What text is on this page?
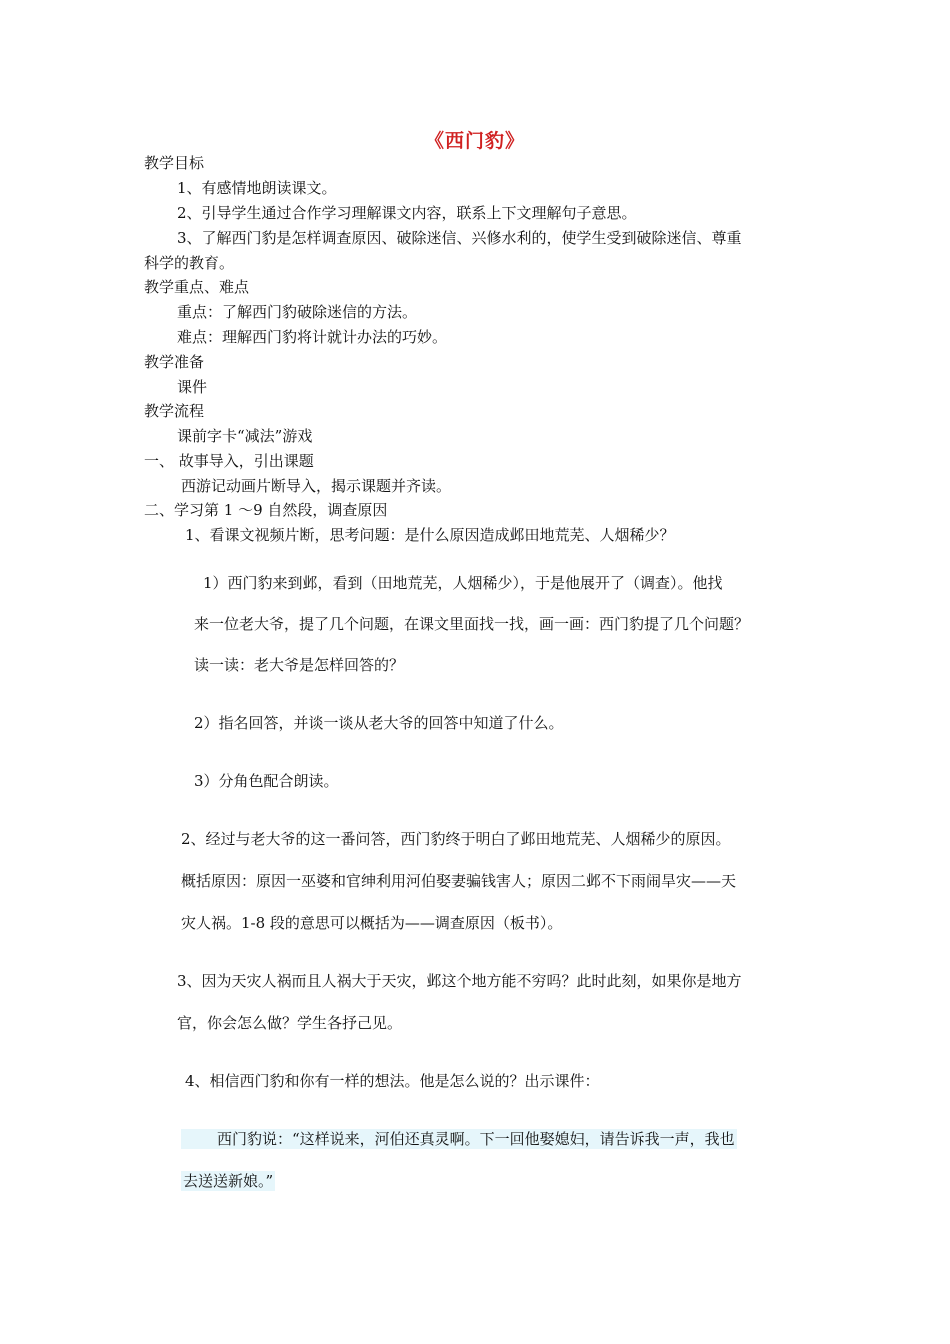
《西门豹》
教学目标
1、有感情地朗读课文。
2、引导学生通过合作学习理解课文内容，联系上下文理解句子意思。
3、了解西门豹是怎样调查原因、破除迷信、兴修水利的，使学生受到破除迷信、尊重
科学的教育。
教学重点、难点
重点：了解西门豹破除迷信的方法。
难点：理解西门豹将计就计办法的巧妙。
教学准备
课件
教学流程
课前字卡“减法”游戏
一、 故事导入，引出课题
西游记动画片断导入，揭示课题并齐读。
二、学习第 1 ～9 自然段，调查原因
1、看课文视频片断，思考问题：是什么原因造成邺田地荒芜、人烟稀少？
1）西门豹来到邺，看到（田地荒芜，人烟稀少），于是他展开了（调查）。他找
来一位老大爷，提了几个问题，在课文里面找一找，画一画：西门豹提了几个问题？
读一读：老大爷是怎样回答的？
2）指名回答，并谈一谈从老大爷的回答中知道了什么。
3）分角色配合朗读。
2、经过与老大爷的这一番问答，西门豹终于明白了邺田地荒芜、人烟稀少的原因。
概括原因：原因一巫婆和官绅利用河伯娶妻骗钱害人；原因二邺不下雨闹旱灾——天
灾人祸。1-8 段的意思可以概括为——调查原因（板书）。
3、因为天灾人祸而且人祸大于天灾，邺这个地方能不穷吗？此时此刻，如果你是地方
官，你会怎么做？学生各抒己见。
4、相信西门豹和你有一样的想法。他是怎么说的？出示课件：
西门豹说：“这样说来，河伯还真灵啊。下一回他娶媳妇，请告诉我一声，我也
去送送新娘。”
